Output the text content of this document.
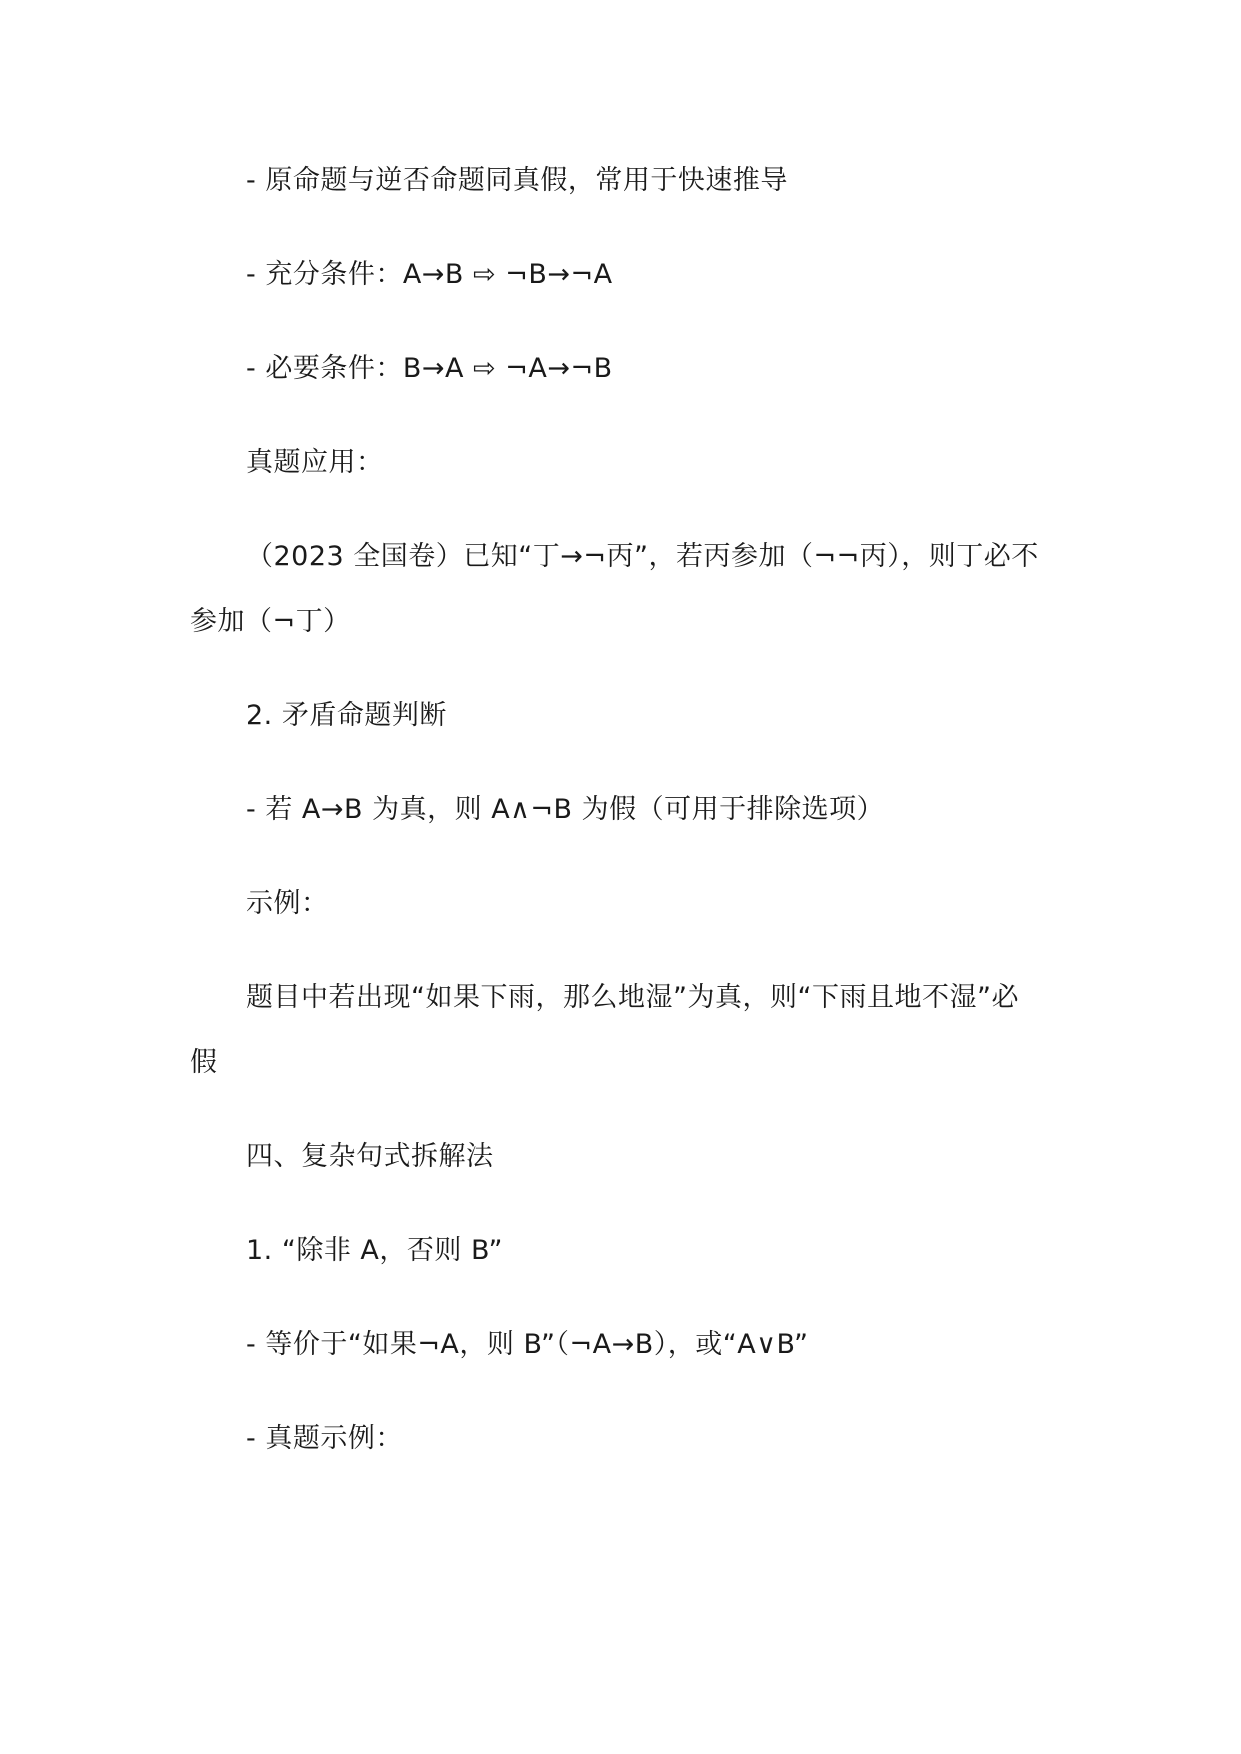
- 原命题与逆否命题同真假，常用于快速推导
- 充分条件：A→B ⇨ ¬B→¬A
- 必要条件：B→A ⇨ ¬A→¬B
真题应用：
（2023 全国卷）已知“丁→¬丙”，若丙参加（¬¬丙），则丁必不
参加（¬丁）
2. 矛盾命题判断
- 若 A→B 为真，则 A∧¬B 为假（可用于排除选项）
示例：
题目中若出现“如果下雨，那么地湿”为真，则“下雨且地不湿”必
假
四、复杂句式拆解法
1. “除非 A，否则 B”
- 等价于“如果¬A，则 B”（¬A→B），或“A∨B”
- 真题示例：
